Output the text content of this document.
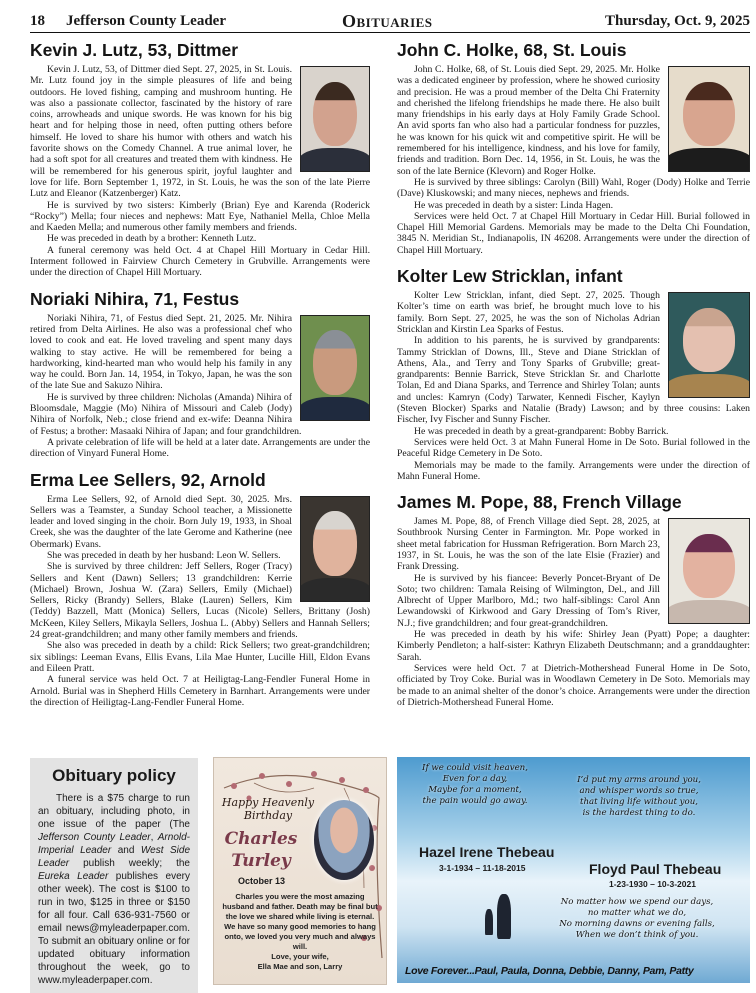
18 Jefferson County Leader	Obituaries	Thursday, Oct. 9, 2025
Kevin J. Lutz, 53, Dittmer

Kevin J. Lutz, 53, of Dittmer died Sept. 27, 2025, in St. Louis. Mr. Lutz found joy in the simple pleasures of life and being outdoors. He loved fishing, camping and mushroom hunting. He was also a passionate collector, fascinated by the history of rare coins, arrowheads and unique swords. He was known for his big heart and for helping those in need, often putting others before himself. He loved to share his humor with others and watch his favorite shows on the Comedy Channel. A true animal lover, he had a soft spot for all creatures and treated them with kindness. He will be remembered for his generous spirit, joyful laughter and love for life. Born September 1, 1972, in St. Louis, he was the son of the late Pierre Lutz and Eleanor (Katzenberger) Katz.

He is survived by two sisters: Kimberly (Brian) Eye and Karenda (Roderick “Rocky”) Mella; four nieces and nephews: Matt Eye, Nathaniel Mella, Chloe Mella and Kaeden Mella; and numerous other family members and friends.

He was preceded in death by a brother: Kenneth Lutz.

A funeral ceremony was held Oct. 4 at Chapel Hill Mortuary in Cedar Hill. Interment followed in Fairview Church Cemetery in Grubville. Arrangements were under the direction of Chapel Hill Mortuary.

Noriaki Nihira, 71, Festus

Noriaki Nihira, 71, of Festus died Sept. 21, 2025. Mr. Nihira retired from Delta Airlines. He also was a professional chef who loved to cook and eat. He loved traveling and spent many days walking to stay active. He will be remembered for being a hardworking, kind-hearted man who would help his family in any way he could. Born Jan. 14, 1954, in Tokyo, Japan, he was the son of the late Sue and Sakuzo Nihira.

He is survived by three children: Nicholas (Amanda) Nihira of Bloomsdale, Maggie (Mo) Nihira of Missouri and Caleb (Jody) Nihira of Norfolk, Neb.; close friend and ex-wife: Deanna Nihira of Festus; a brother: Masaaki Nihira of Japan; and four grandchildren.

A private celebration of life will be held at a later date. Arrangements are under the direction of Vinyard Funeral Home.

Erma Lee Sellers, 92, Arnold

Erma Lee Sellers, 92, of Arnold died Sept. 30, 2025. Mrs. Sellers was a Teamster, a Sunday School teacher, a Missionette leader and loved singing in the choir. Born July 19, 1933, in Shoal Creek, she was the daughter of the late Gerome and Katherine (nee Obermark) Evans.

She was preceded in death by her husband: Leon W. Sellers.

She is survived by three children: Jeff Sellers, Roger (Tracy) Sellers and Kent (Dawn) Sellers; 13 grandchildren: Kerrie (Michael) Brown, Joshua W. (Zara) Sellers, Emily (Michael) Sellers, Ricky (Brandy) Sellers, Blake (Lauren) Sellers, Kim (Teddy) Bazzell, Matt (Monica) Sellers, Lucas (Nicole) Sellers, Brittany (Josh) McKeen, Kiley Sellers, Mikayla Sellers, Joshua L. (Abby) Sellers and Hannah Sellers; 24 great-grandchildren; and many other family members and friends.

She also was preceded in death by a child: Rick Sellers; two great-grandchildren; six siblings: Leeman Evans, Ellis Evans, Lila Mae Hunter, Lucille Hill, Eldon Evans and Eileen Pratt.

A funeral service was held Oct. 7 at Heiligtag-Lang-Fendler Funeral Home in Arnold. Burial was in Shepherd Hills Cemetery in Barnhart. Arrangements were under the direction of Heiligtag-Lang-Fendler Funeral Home.

John C. Holke, 68, St. Louis

John C. Holke, 68, of St. Louis died Sept. 29, 2025. Mr. Holke was a dedicated engineer by profession, where he showed curiosity and precision. He was a proud member of the Delta Chi Fraternity and cherished the lifelong friendships he made there. He also built many friendships in his early days at Holy Family Grade School. An avid sports fan who also had a particular fondness for puzzles, he was known for his quick wit and competitive spirit. He will be remembered for his intelligence, kindness, and his love for family, friends and tradition. Born Dec. 14, 1956, in St. Louis, he was the son of the late Bernice (Klevorn) and Roger Holke.

He is survived by three siblings: Carolyn (Bill) Wahl, Roger (Dody) Holke and Terrie (Dave) Kluskowski; and many nieces, nephews and friends.

He was preceded in death by a sister: Linda Hagen.

Services were held Oct. 7 at Chapel Hill Mortuary in Cedar Hill. Burial followed in Chapel Hill Memorial Gardens. Memorials may be made to the Delta Chi Foundation, 3845 N. Meridian St., Indianapolis, IN 46208. Arrangements were under the direction of Chapel Hill Mortuary.

Kolter Lew Stricklan, infant

Kolter Lew Stricklan, infant, died Sept. 27, 2025. Though Kolter’s time on earth was brief, he brought much love to his family. Born Sept. 27, 2025, he was the son of Nicholas Adrian Stricklan and Kirstin Lea Sparks of Festus.

In addition to his parents, he is survived by grandparents: Tammy Stricklan of Downs, Ill., Steve and Diane Stricklan of Athens, Ala., and Terry and Tony Sparks of Grubville; great-grandparents: Bennie Barrick, Steve Stricklan Sr. and Charlotte Tolan, Ed and Diana Sparks, and Terrence and Shirley Tolan; aunts and uncles: Kamryn (Cody) Tarwater, Kennedi Fischer, Kaylyn (Steven Blocker) Sparks and Natalie (Brady) Lawson; and by three cousins: Laken Fischer, Ivy Fischer and Sunny Fischer.

He was preceded in death by a great-grandparent: Bobby Barrick.

Services were held Oct. 3 at Mahn Funeral Home in De Soto. Burial followed in the Peaceful Ridge Cemetery in De Soto.

Memorials may be made to the family. Arrangements were under the direction of Mahn Funeral Home.

James M. Pope, 88, French Village

James M. Pope, 88, of French Village died Sept. 28, 2025, at Southbrook Nursing Center in Farmington. Mr. Pope worked in sheet metal fabrication for Hussman Refrigeration. Born March 23, 1937, in St. Louis, he was the son of the late Elsie (Frazier) and Frank Dressing.

He is survived by his fiancee: Beverly Poncet-Bryant of De Soto; two children: Tamala Reising of Wilmington, Del., and Jill Albrecht of Upper Marlboro, Md.; two half-siblings: Carol Ann Lewandowski of Kirkwood and Gary Dressing of Tom’s River, N.J.; five grandchildren; and four great-grandchildren.

He was preceded in death by his wife: Shirley Jean (Pyatt) Pope; a daughter: Kimberly Pendleton; a half-sister: Kathryn Elizabeth Deutschmann; and a granddaughter: Sarah.

Services were held Oct. 7 at Dietrich-Mothershead Funeral Home in De Soto, officiated by Troy Coke. Burial was in Woodlawn Cemetery in De Soto. Memorials may be made to an animal shelter of the donor’s choice. Arrangements were under the direction of Dietrich-Mothershead Funeral Home.

Obituary policy

There is a $75 charge to run an obituary, including photo, in one issue of the paper (The Jefferson County Leader, Arnold-Imperial Leader and West Side Leader publish weekly; the Eureka Leader publishes every other week). The cost is $100 to run in two, $125 in three or $150 for all four. Call 636-931-7560 or email news@myleaderpaper.com. To submit an obituary online or for updated obituary information throughout the week, go to www.myleaderpaper.com.

Happy Heavenly Birthday
Charles
Turley
October 13
Charles you were the most amazing husband and father. Death may be final but the love we shared while living is eternal. We have so many good memories to hang onto, we loved you very much and always will.
Love, your wife,
Ella Mae and son, Larry
If we could visit heaven,
Even for a day,
Maybe for a moment,
the pain would go away.
I’d put my arms around you,
and whisper words so true,
that living life without you,
is the hardest thing to do.
Hazel Irene Thebeau
3-1-1934 – 11-18-2015	Floyd Paul Thebeau
1-23-1930 – 10-3-2021
No matter how we spend our days,
no matter what we do,
No morning dawns or evening falls,
When we don’t think of you.
Love Forever...Paul, Paula, Donna, Debbie, Danny, Pam, Patty
